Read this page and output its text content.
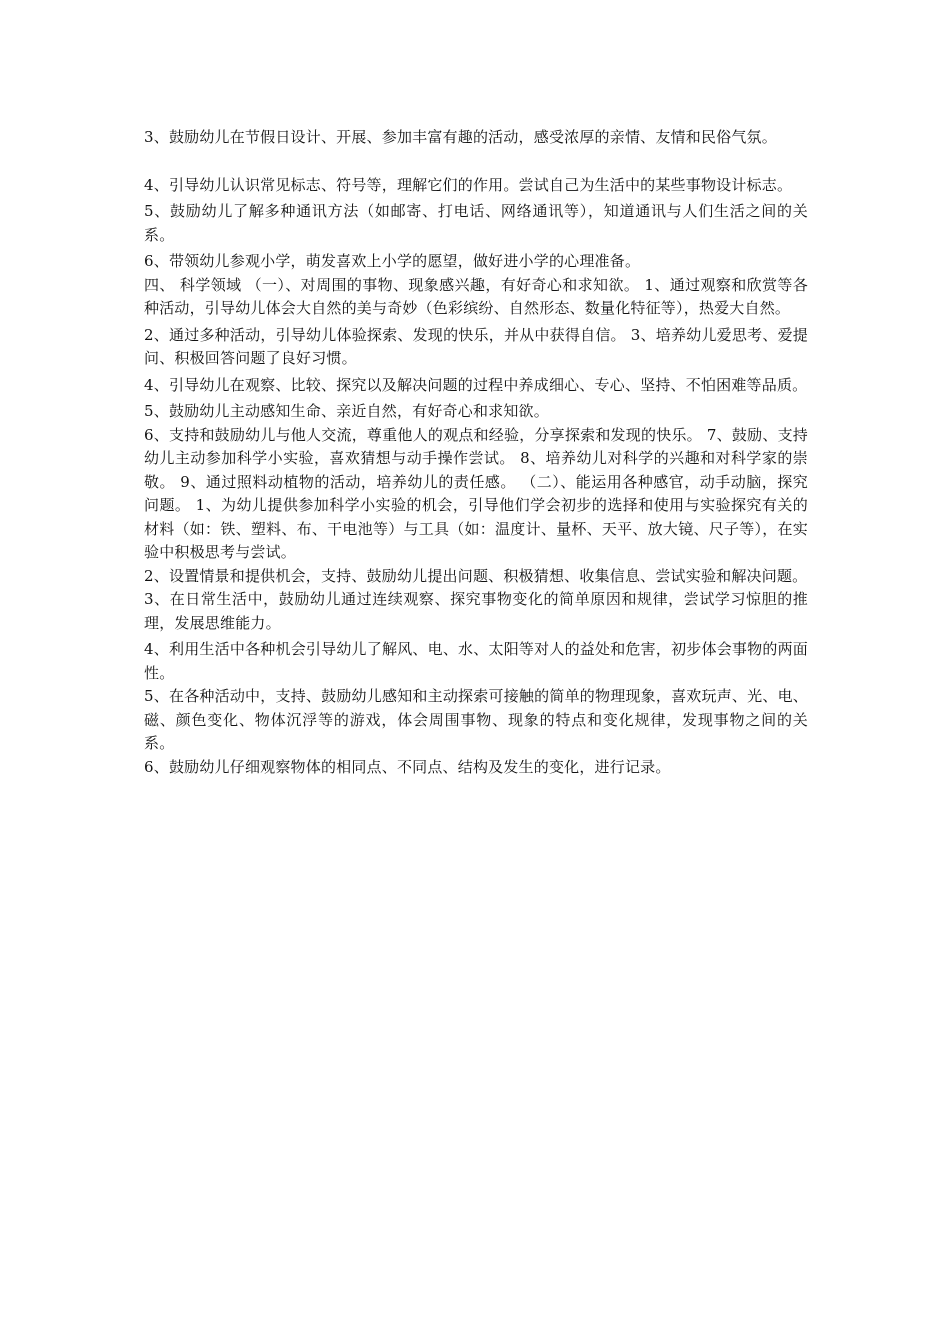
3、鼓励幼儿在节假日设计、开展、参加丰富有趣的活动，感受浓厚的亲情、友情和民俗气氛。

4、引导幼儿认识常见标志、符号等，理解它们的作用。尝试自己为生活中的某些事物设计标志。

5、鼓励幼儿了解多种通讯方法（如邮寄、打电话、网络通讯等），知道通讯与人们生活之间的关系。

6、带领幼儿参观小学，萌发喜欢上小学的愿望，做好进小学的心理准备。

四、 科学领域 （一）、对周围的事物、现象感兴趣，有好奇心和求知欲。 1、通过观察和欣赏等各种活动，引导幼儿体会大自然的美与奇妙（色彩缤纷、自然形态、数量化特征等），热爱大自然。

2、通过多种活动，引导幼儿体验探索、发现的快乐，并从中获得自信。 3、培养幼儿爱思考、爱提问、积极回答问题了良好习惯。

4、引导幼儿在观察、比较、探究以及解决问题的过程中养成细心、专心、坚持、不怕困难等品质。

5、鼓励幼儿主动感知生命、亲近自然，有好奇心和求知欲。

6、支持和鼓励幼儿与他人交流，尊重他人的观点和经验，分享探索和发现的快乐。 7、鼓励、支持幼儿主动参加科学小实验，喜欢猜想与动手操作尝试。 8、培养幼儿对科学的兴趣和对科学家的崇敬。 9、通过照料动植物的活动，培养幼儿的责任感。 （二）、能运用各种感官，动手动脑，探究问题。 1、为幼儿提供参加科学小实验的机会，引导他们学会初步的选择和使用与实验探究有关的材料（如：铁、塑料、布、干电池等）与工具（如：温度计、量杯、天平、放大镜、尺子等），在实验中积极思考与尝试。

2、设置情景和提供机会，支持、鼓励幼儿提出问题、积极猜想、收集信息、尝试实验和解决问题。

3、在日常生活中，鼓励幼儿通过连续观察、探究事物变化的简单原因和规律，尝试学习惊胆的推理，发展思维能力。

4、利用生活中各种机会引导幼儿了解风、电、水、太阳等对人的益处和危害，初步体会事物的两面性。

5、在各种活动中，支持、鼓励幼儿感知和主动探索可接触的简单的物理现象，喜欢玩声、光、电、磁、颜色变化、物体沉浮等的游戏，体会周围事物、现象的特点和变化规律，发现事物之间的关系。

6、鼓励幼儿仔细观察物体的相同点、不同点、结构及发生的变化，进行记录。
